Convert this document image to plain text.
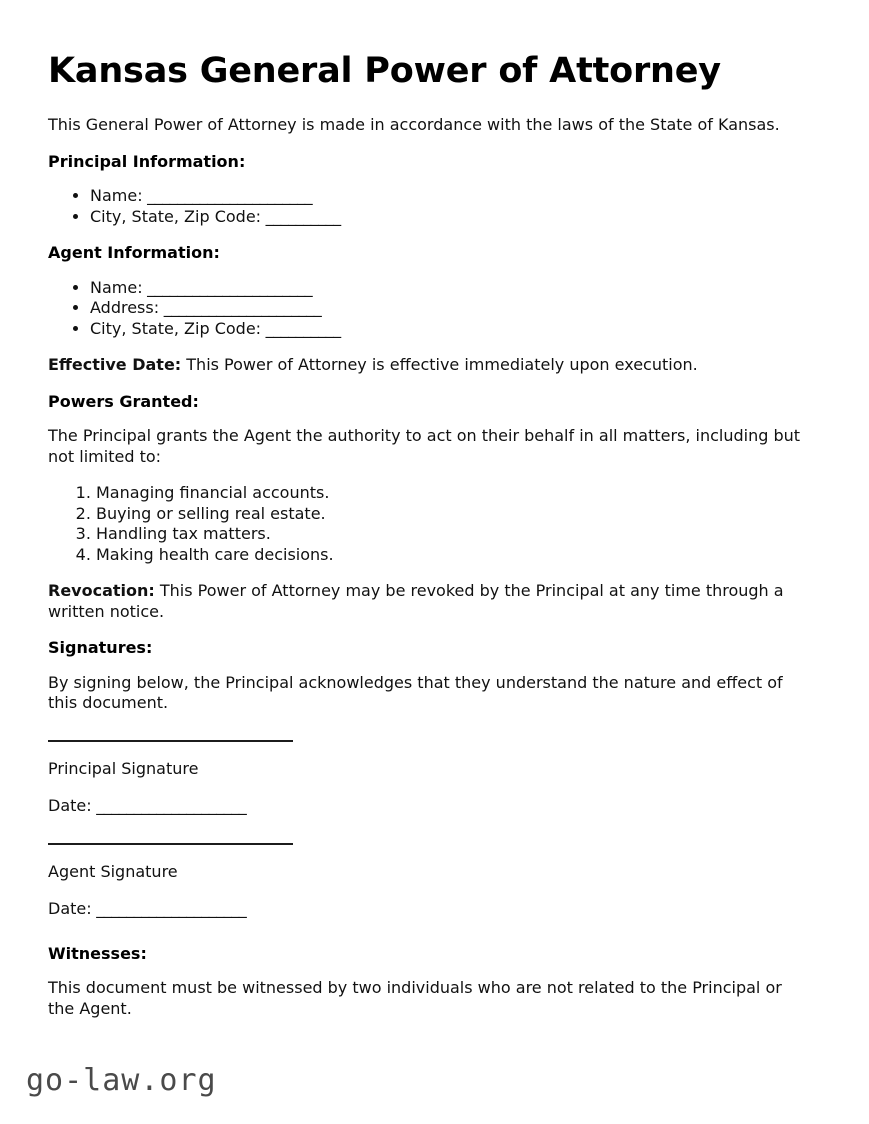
Kansas General Power of Attorney

This General Power of Attorney is made in accordance with the laws of the State of Kansas.

Principal Information:
• Name: ______________________
• City, State, Zip Code: __________
Agent Information:
• Name: ______________________
• Address: _____________________
• City, State, Zip Code: __________

Effective Date: This Power of Attorney is effective immediately upon execution.

Powers Granted:

The Principal grants the Agent the authority to act on their behalf in all matters, including but not limited to:

1. Managing financial accounts.
2. Buying or selling real estate.
3. Handling tax matters.
4. Making health care decisions.

Revocation: This Power of Attorney may be revoked by the Principal at any time through a written notice.

Signatures:

By signing below, the Principal acknowledges that they understand the nature and effect of this document.

Principal Signature
Date: ____________________
Agent Signature
Date: ____________________
Witnesses:

This document must be witnessed by two individuals who are not related to the Principal or the Agent.

go-law.org
